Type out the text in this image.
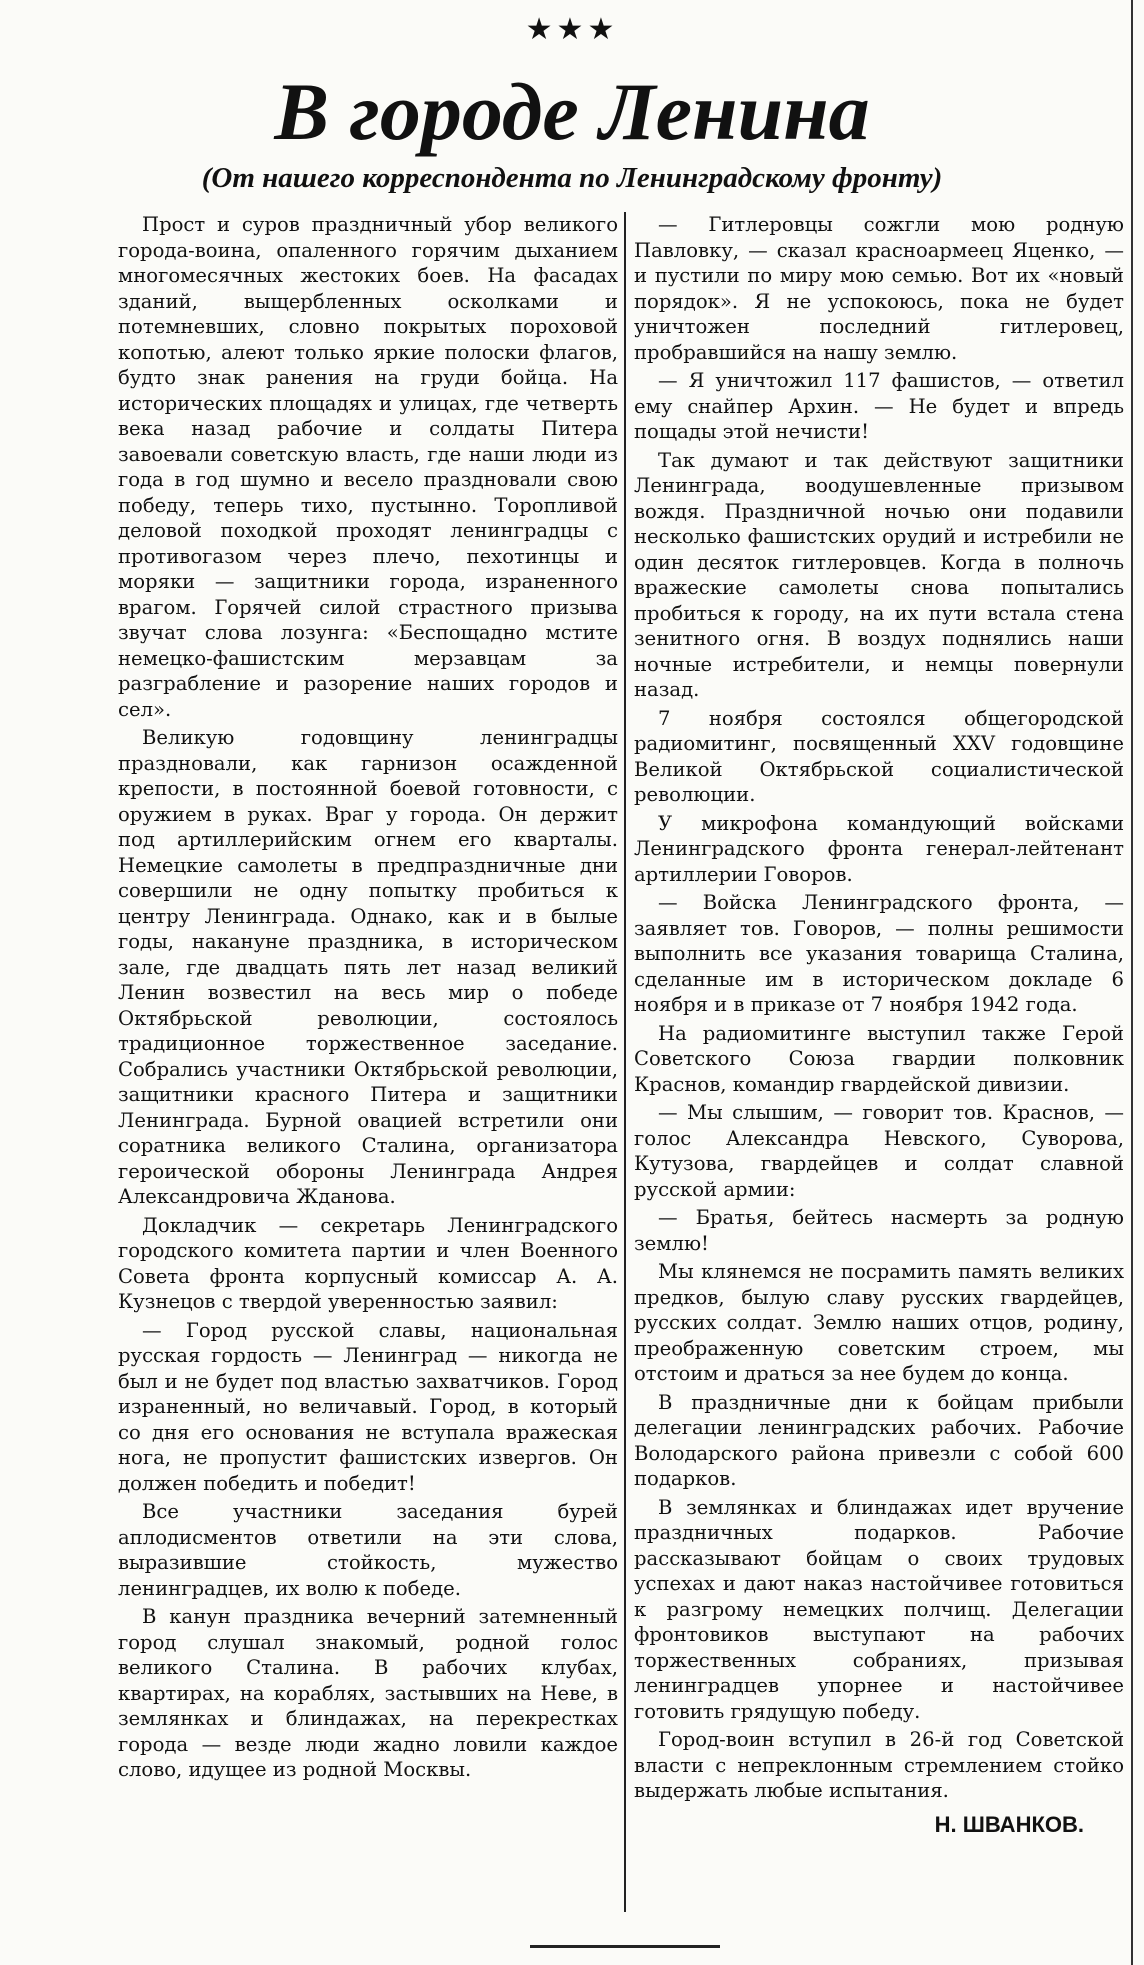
★★★
В городе Ленина
(От нашего корреспондента по Ленинградскому фронту)

Прост и суров праздничный убор великого города-воина, опаленного горячим дыханием многомесячных жестоких боев. На фасадах зданий, выщербленных осколками и потемневших, словно покрытых пороховой копотью, алеют только яркие полоски флагов, будто знак ранения на груди бойца. На исторических площадях и улицах, где четверть века назад рабочие и солдаты Питера завоевали советскую власть, где наши люди из года в год шумно и весело праздновали свою победу, теперь тихо, пустынно. Торопливой деловой походкой проходят ленинградцы с противогазом через плечо, пехотинцы и моряки — защитники города, израненного врагом. Горячей силой страстного призыва звучат слова лозунга: «Беспощадно мстите немецко-фашистским мерзавцам за разграбление и разорение наших городов и сел».

Великую годовщину ленинградцы праздновали, как гарнизон осажденной крепости, в постоянной боевой готовности, с оружием в руках. Враг у города. Он держит под артиллерийским огнем его кварталы. Немецкие самолеты в предпраздничные дни совершили не одну попытку пробиться к центру Ленинграда. Однако, как и в былые годы, накануне праздника, в историческом зале, где двадцать пять лет назад великий Ленин возвестил на весь мир о победе Октябрьской революции, состоялось традиционное торжественное заседание. Собрались участники Октябрьской революции, защитники красного Питера и защитники Ленинграда. Бурной овацией встретили они соратника великого Сталина, организатора героической обороны Ленинграда Андрея Александровича Жданова.

Докладчик — секретарь Ленинградского городского комитета партии и член Военного Совета фронта корпусный комиссар А. А. Кузнецов с твердой уверенностью заявил:

— Город русской славы, национальная русская гордость — Ленинград — никогда не был и не будет под властью захватчиков. Город израненный, но величавый. Город, в который со дня его основания не вступала вражеская нога, не пропустит фашистских извергов. Он должен победить и победит!

Все участники заседания бурей аплодисментов ответили на эти слова, выразившие стойкость, мужество ленинградцев, их волю к победе.

В канун праздника вечерний затемненный город слушал знакомый, родной голос великого Сталина. В рабочих клубах, квартирах, на кораблях, застывших на Неве, в землянках и блиндажах, на перекрестках города — везде люди жадно ловили каждое слово, идущее из родной Москвы.

— Гитлеровцы сожгли мою родную Павловку, — сказал красноармеец Яценко, — и пустили по миру мою семью. Вот их «новый порядок». Я не успокоюсь, пока не будет уничтожен последний гитлеровец, пробравшийся на нашу землю.

— Я уничтожил 117 фашистов, — ответил ему снайпер Архин. — Не будет и впредь пощады этой нечисти!

Так думают и так действуют защитники Ленинграда, воодушевленные призывом вождя. Праздничной ночью они подавили несколько фашистских орудий и истребили не один десяток гитлеровцев. Когда в полночь вражеские самолеты снова попытались пробиться к городу, на их пути встала стена зенитного огня. В воздух поднялись наши ночные истребители, и немцы повернули назад.

7 ноября состоялся общегородской радиомитинг, посвященный XXV годовщине Великой Октябрьской социалистической революции.

У микрофона командующий войсками Ленинградского фронта генерал-лейтенант артиллерии Говоров.

— Войска Ленинградского фронта, — заявляет тов. Говоров, — полны решимости выполнить все указания товарища Сталина, сделанные им в историческом докладе 6 ноября и в приказе от 7 ноября 1942 года.

На радиомитинге выступил также Герой Советского Союза гвардии полковник Краснов, командир гвардейской дивизии.

— Мы слышим, — говорит тов. Краснов, — голос Александра Невского, Суворова, Кутузова, гвардейцев и солдат славной русской армии:

— Братья, бейтесь насмерть за родную землю!

Мы клянемся не посрамить память великих предков, былую славу русских гвардейцев, русских солдат. Землю наших отцов, родину, преображенную советским строем, мы отстоим и драться за нее будем до конца.

В праздничные дни к бойцам прибыли делегации ленинградских рабочих. Рабочие Володарского района привезли с собой 600 подарков.

В землянках и блиндажах идет вручение праздничных подарков. Рабочие рассказывают бойцам о своих трудовых успехах и дают наказ настойчивее готовиться к разгрому немецких полчищ. Делегации фронтовиков выступают на рабочих торжественных собраниях, призывая ленинградцев упорнее и настойчивее готовить грядущую победу.

Город-воин вступил в 26-й год Советской власти с непреклонным стремлением стойко выдержать любые испытания.

Н. ШВАНКОВ.
